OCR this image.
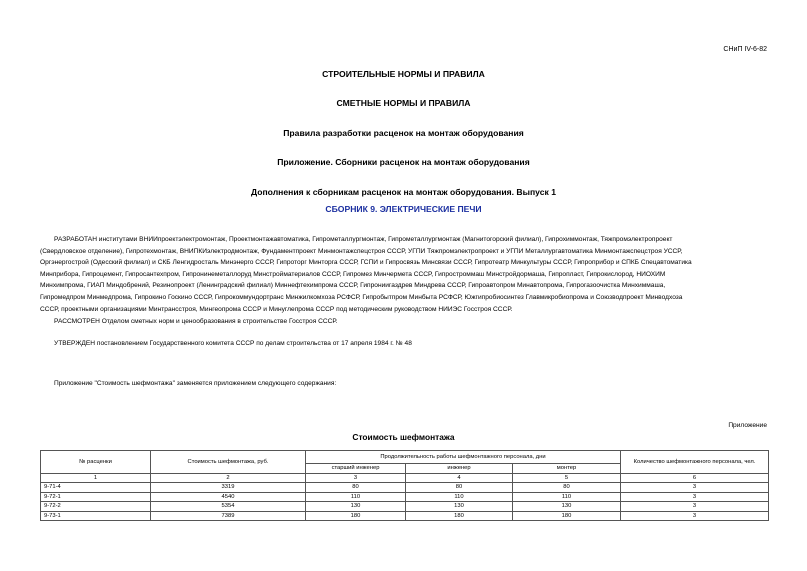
СНиП IV-6-82
СТРОИТЕЛЬНЫЕ НОРМЫ И ПРАВИЛА
СМЕТНЫЕ НОРМЫ И ПРАВИЛА
Правила разработки расценок на монтаж оборудования
Приложение. Сборники расценок на монтаж оборудования
Дополнения к сборникам расценок на монтаж оборудования. Выпуск 1
СБОРНИК 9. ЭЛЕКТРИЧЕСКИЕ ПЕЧИ
РАЗРАБОТАН институтами ВНИИпроектэлектромонтаж, Проектмонтажавтоматика, Гипрометаллургмонтаж, Гипрометаллургмонтаж (Магнитогорский филиал), Гипрохиммонтаж, Тяжпромэлектропроект
(Свердловское отделение), Гипротехмонтаж, ВНИПКИэлектродмонтаж, Фундаментпроект Минмонтажспецстроя СССР, УГПИ Тяжпромэлектропроект и УГПИ Металлургавтоматика Минмонтажспецстроя УССР,
Оргэнергострой (Одесский филиал) и СКБ Ленгидросталь Минэнерго СССР, Гипроторг Минторга СССР, ГСПИ и Гипросвязь Минсвязи СССР, Гипротеатр Минкультуры СССР, Гипроприбор и СПКБ Спецавтоматика
Минприбора, Гипроцемент, Гипросантехпром, Гипронинеметаллоруд Минстройматериалов СССР, Гипромез Минчермета СССР, Гипростроммаш Минстройдормаша, Гипропласт, Гипрокислород, НИОХИМ
Минхимпрома, ГИАП Миндобрений, Резинопроект (Ленинградский филиал) Миннефтехимпрома СССР, Гипрониигаздрев Миндрева СССР, Гипроавтопром Минавтопрома, Гипрогазоочистка Минхиммаша,
Гипромедпром Минмедпрома, Гипрокино Госкино СССР, Гипрокоммундортранс Минжилкомхоза РСФСР, Гипробытпром Минбыта РСФСР, Южгипробиосинтез Главмикробиопрома и Союзводпроект Минводхоза
СССР, проектными организациями Минтрансстроя, Мингеопрома СССР и Минуглепрома СССР под методическим руководством НИИЭС Госстроя СССР.
РАССМОТРЕН Отделом сметных норм и ценообразования в строительстве Госстроя СССР.
УТВЕРЖДЕН постановлением Государственного комитета СССР по делам строительства от 17 апреля 1984 г. № 48
Приложение "Стоимость шефмонтажа" заменяется приложением следующего содержания:
Приложение
Стоимость шефмонтажа
№ расценки	Стоимость шефмонтажа, руб.	Продолжительность работы шефмонтажного персонала, дни			Количество шефмонтажного персонала, чел.
		старший инженер	инженер	монтер	
1	2	3	4	5	6
9-71-4	3319	80	80	80	3
9-72-1	4540	110	110	110	3
9-72-2	5354	130	130	130	3
9-73-1	7389	180	180	180	3
